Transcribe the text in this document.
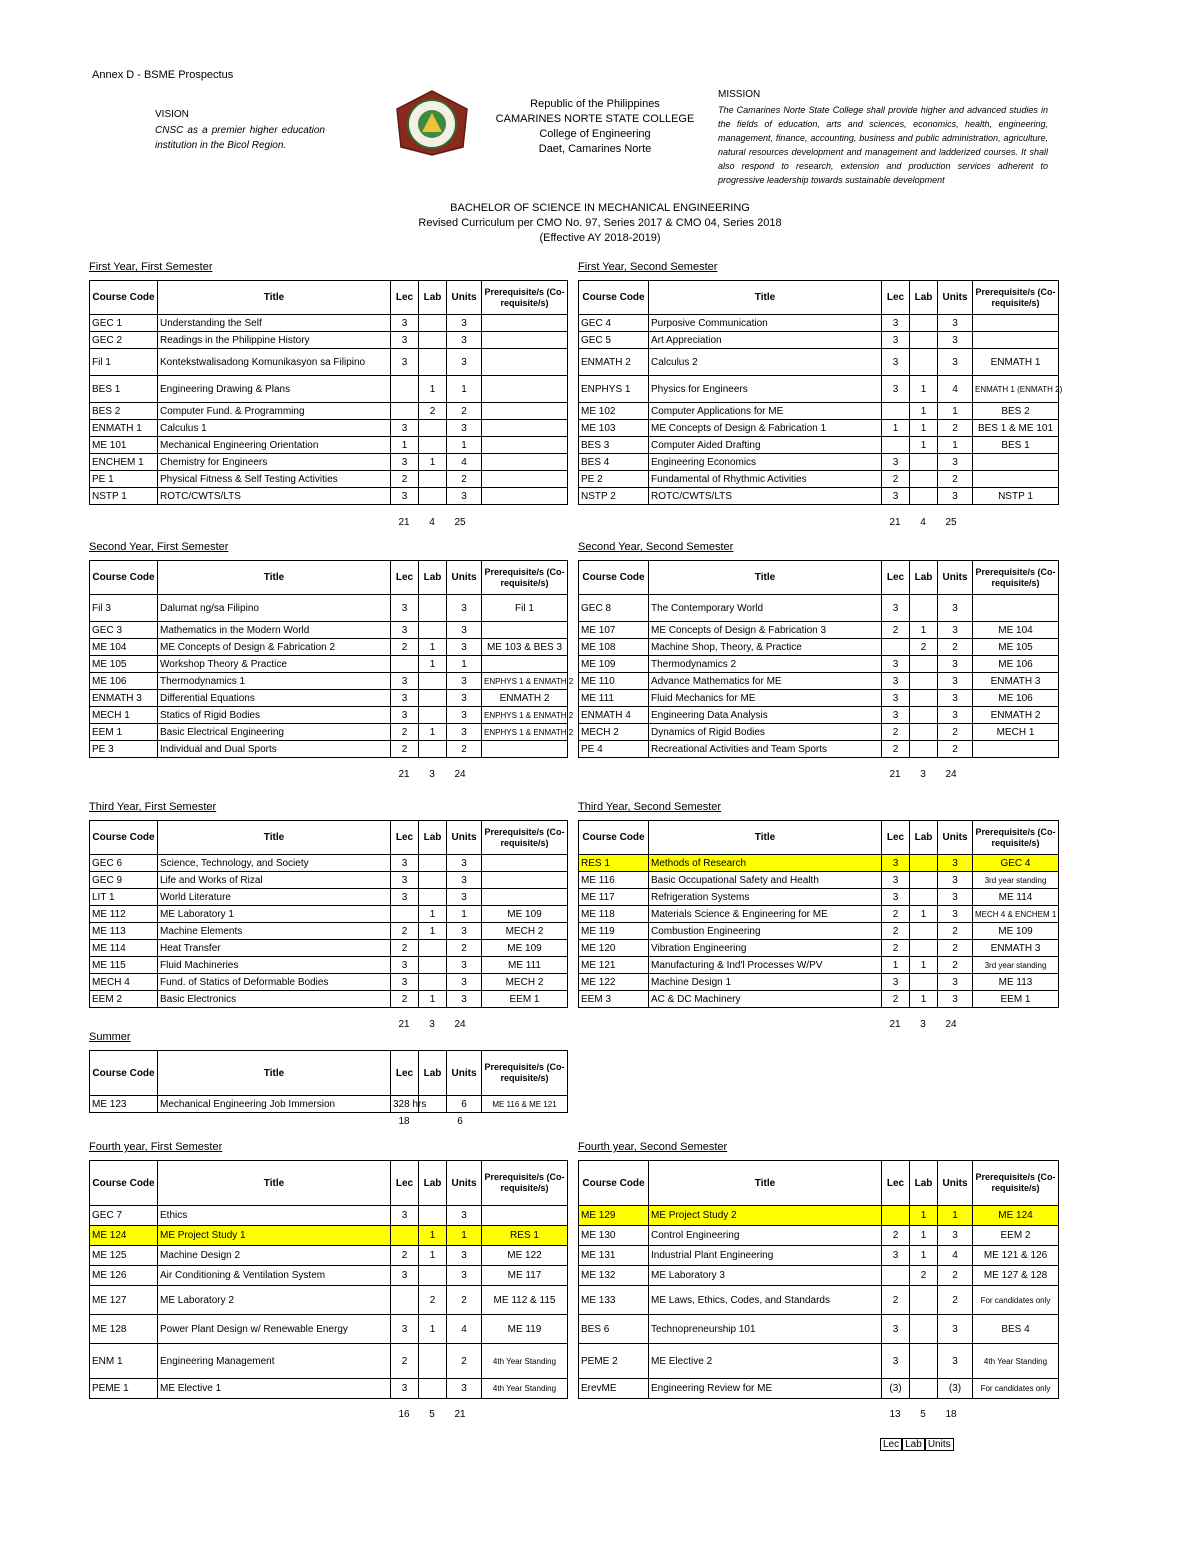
Annex D - BSME Prospectus
VISION
CNSC as a premier higher education institution in the Bicol Region.
Republic of the Philippines
CAMARINES NORTE STATE COLLEGE
College of Engineering
Daet, Camarines Norte
MISSION
The Camarines Norte State College shall provide higher and advanced studies in the fields of education, arts and sciences, economics, health, engineering, management, finance, accounting, business and public administration, agriculture, natural resources development and management and ladderized courses. It shall also respond to research, extension and production services adherent to progressive leadership towards sustainable development
BACHELOR OF SCIENCE IN MECHANICAL ENGINEERING
Revised Curriculum per CMO No. 97, Series 2017 & CMO 04, Series 2018
(Effective AY 2018-2019)
First Year, First Semester
Course Code	Title	Lec	Lab	Units	Prerequisite/s (Co-requisite/s)
GEC 1	Understanding the Self	3		3	
GEC 2	Readings in the Philippine History	3		3	
Fil 1	Kontekstwalisadong Komunikasyon sa Filipino	3		3	
BES 1	Engineering Drawing & Plans		1	1	
BES 2	Computer Fund. & Programming		2	2	
ENMATH 1	Calculus 1	3		3	
ME 101	Mechanical Engineering Orientation	1		1	
ENCHEM 1	Chemistry for Engineers	3	1	4	
PE 1	Physical Fitness & Self Testing Activities	2		2	
NSTP 1	ROTC/CWTS/LTS	3		3	
21	4	25
First Year, Second Semester
Course Code	Title	Lec	Lab	Units	Prerequisite/s (Co-requisite/s)
GEC 4	Purposive Communication	3		3	
GEC 5	Art Appreciation	3		3	
ENMATH 2	Calculus 2	3		3	ENMATH 1
ENPHYS 1	Physics for Engineers	3	1	4	ENMATH 1 (ENMATH 2)
ME 102	Computer Applications for ME		1	1	BES 2
ME 103	ME Concepts of Design & Fabrication 1	1	1	2	BES 1 & ME 101
BES 3	Computer Aided Drafting		1	1	BES 1
BES 4	Engineering Economics	3		3	
PE 2	Fundamental of Rhythmic Activities	2		2	
NSTP 2	ROTC/CWTS/LTS	3		3	NSTP 1
21	4	25
Second Year, First Semester
Course Code	Title	Lec	Lab	Units	Prerequisite/s (Co-requisite/s)
Fil 3	Dalumat ng/sa Filipino	3		3	Fil 1
GEC 3	Mathematics in the Modern World	3		3	
ME 104	ME Concepts of Design & Fabrication 2	2	1	3	ME 103 & BES 3
ME 105	Workshop Theory & Practice		1	1	
ME 106	Thermodynamics 1	3		3	ENPHYS 1 & ENMATH 2
ENMATH 3	Differential Equations	3		3	ENMATH 2
MECH 1	Statics of Rigid Bodies	3		3	ENPHYS 1 & ENMATH 2
EEM 1	Basic Electrical Engineering	2	1	3	ENPHYS 1 & ENMATH 2
PE 3	Individual and Dual Sports	2		2	
21	3	24
Second Year, Second Semester
Course Code	Title	Lec	Lab	Units	Prerequisite/s (Co-requisite/s)
GEC 8	The Contemporary World	3		3	
ME 107	ME Concepts of Design & Fabrication 3	2	1	3	ME 104
ME 108	Machine Shop, Theory, & Practice		2	2	ME 105
ME 109	Thermodynamics 2	3		3	ME 106
ME 110	Advance Mathematics for ME	3		3	ENMATH 3
ME 111	Fluid Mechanics for ME	3		3	ME 106
ENMATH 4	Engineering Data Analysis	3		3	ENMATH 2
MECH 2	Dynamics of Rigid Bodies	2		2	MECH 1
PE 4	Recreational Activities and Team Sports	2		2	
21	3	24
Third Year, First Semester
Course Code	Title	Lec	Lab	Units	Prerequisite/s (Co-requisite/s)
GEC 6	Science, Technology, and Society	3		3	
GEC 9	Life and Works of Rizal	3		3	
LIT 1	World Literature	3		3	
ME 112	ME Laboratory 1		1	1	ME 109
ME 113	Machine Elements	2	1	3	MECH 2
ME 114	Heat Transfer	2		2	ME 109
ME 115	Fluid Machineries	3		3	ME 111
MECH 4	Fund. of Statics of Deformable Bodies	3		3	MECH 2
EEM 2	Basic Electronics	2	1	3	EEM 1
21	3	24
Third Year, Second Semester
Course Code	Title	Lec	Lab	Units	Prerequisite/s (Co-requisite/s)
RES 1	Methods of Research	3		3	GEC 4
ME 116	Basic Occupational Safety and Health	3		3	3rd year standing
ME 117	Refrigeration Systems	3		3	ME 114
ME 118	Materials Science & Engineering for ME	2	1	3	MECH 4 & ENCHEM 1
ME 119	Combustion Engineering	2		2	ME 109
ME 120	Vibration Engineering	2		2	ENMATH 3
ME 121	Manufacturing & Ind'l Processes W/PV	1	1	2	3rd year standing
ME 122	Machine Design 1	3		3	ME 113
EEM 3	AC & DC Machinery	2	1	3	EEM 1
21	3	24
Summer
Course Code	Title	Lec	Lab	Units	Prerequisite/s (Co-requisite/s)
ME 123	Mechanical Engineering Job Immersion	328 hrs		6	ME 116 & ME 121
18	6
Fourth year, First Semester
Course Code	Title	Lec	Lab	Units	Prerequisite/s (Co-requisite/s)
GEC 7	Ethics	3		3	
ME 124	ME Project Study 1		1	1	RES 1
ME 125	Machine Design 2	2	1	3	ME 122
ME 126	Air Conditioning & Ventilation System	3		3	ME 117
ME 127	ME Laboratory 2		2	2	ME 112 & 115
ME 128	Power Plant Design w/ Renewable Energy	3	1	4	ME 119
ENM 1	Engineering Management	2		2	4th Year Standing
PEME 1	ME Elective 1	3		3	4th Year Standing
16	5	21
Fourth year, Second Semester
Course Code	Title	Lec	Lab	Units	Prerequisite/s (Co-requisite/s)
ME 129	ME Project Study 2		1	1	ME 124
ME 130	Control Engineering	2	1	3	EEM 2
ME 131	Industrial Plant Engineering	3	1	4	ME 121 & 126
ME 132	ME Laboratory 3		2	2	ME 127 & 128
ME 133	ME Laws, Ethics, Codes, and Standards	2		2	For candidates only
BES 6	Technopreneurship 101	3		3	BES 4
PEME 2	ME Elective 2	3		3	4th Year Standing
ErevME	Engineering Review for ME	(3)		(3)	For candidates only
13	5	18
Lec Lab Units
